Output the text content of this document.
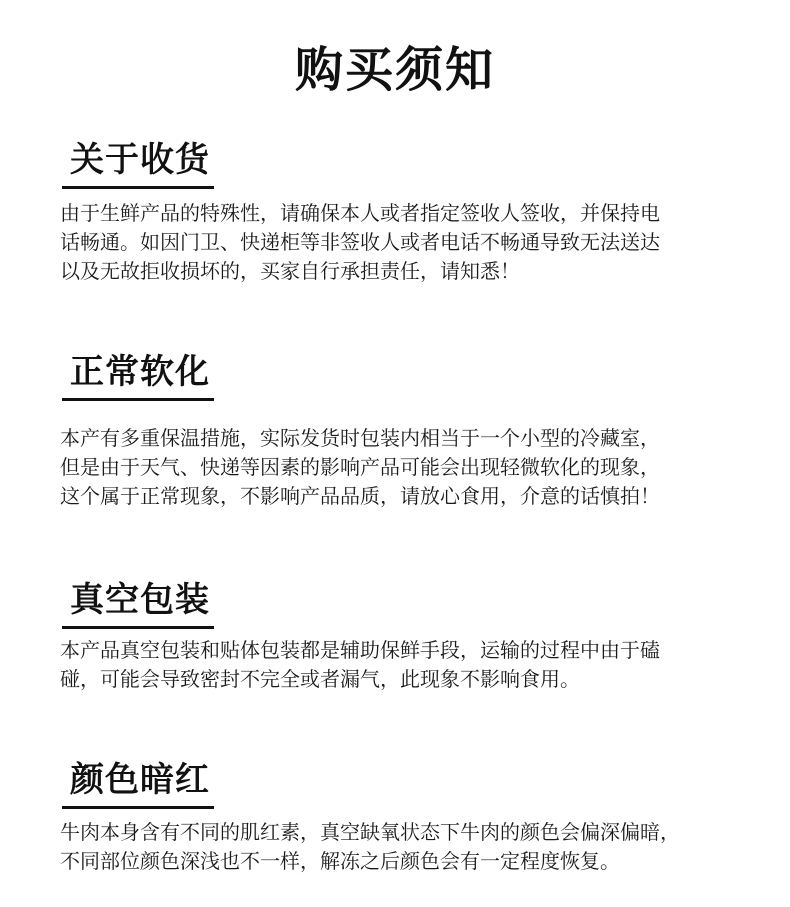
购买须知
关于收货

由于生鲜产品的特殊性，请确保本人或者指定签收人签收，并保持电

话畅通。如因门卫、快递柜等非签收人或者电话不畅通导致无法送达

以及无故拒收损坏的，买家自行承担责任，请知悉！

正常软化

本产有多重保温措施，实际发货时包装内相当于一个小型的冷藏室，

但是由于天气、快递等因素的影响产品可能会出现轻微软化的现象，

这个属于正常现象，不影响产品品质，请放心食用，介意的话慎拍！

真空包装

本产品真空包装和贴体包装都是辅助保鲜手段，运输的过程中由于磕

碰，可能会导致密封不完全或者漏气，此现象不影响食用。

颜色暗红

牛肉本身含有不同的肌红素，真空缺氧状态下牛肉的颜色会偏深偏暗，

不同部位颜色深浅也不一样，解冻之后颜色会有一定程度恢复。
